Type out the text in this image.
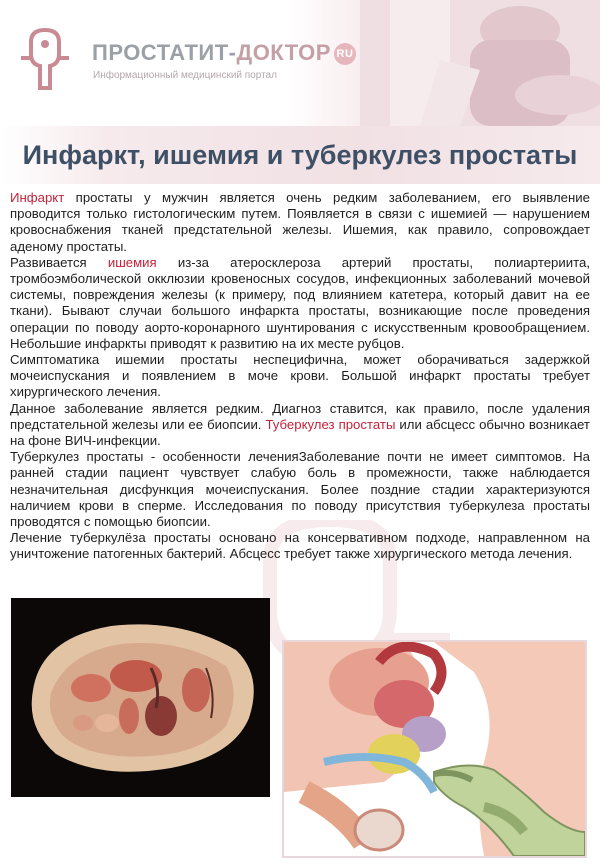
ПРОСТАТИТ-ДОКТОР RU
Информационный медицинский портал
Инфаркт, ишемия и туберкулез простаты

Инфаркт простаты у мужчин является очень редким заболеванием, его выявление проводится только гистологическим путем. Появляется в связи с ишемией — нарушением кровоснабжения тканей предстательной железы. Ишемия, как правило, сопровождает аденому простаты.

Развивается ишемия из-за атеросклероза артерий простаты, полиартериита, тромбоэмболической окклюзии кровеносных сосудов, инфекционных заболеваний мочевой системы, повреждения железы (к примеру, под влиянием катетера, который давит на ее ткани). Бывают случаи большого инфаркта простаты, возникающие после проведения операции по поводу аорто-коронарного шунтирования с искусственным кровообращением. Небольшие инфаркты приводят к развитию на их месте рубцов.

Симптоматика ишемии простаты неспецифична, может оборачиваться задержкой мочеиспускания и появлением в моче крови. Большой инфаркт простаты требует хирургического лечения.

Данное заболевание является редким. Диагноз ставится, как правило, после удаления предстательной железы или ее биопсии. Туберкулез простаты или абсцесс обычно возникает на фоне ВИЧ-инфекции.

Туберкулез простаты - особенности леченияЗаболевание почти не имеет симптомов. На ранней стадии пациент чувствует слабую боль в промежности, также наблюдается незначительная дисфункция мочеиспускания. Более поздние стадии характеризуются наличием крови в сперме. Исследования по поводу присутствия туберкулеза простаты проводятся с помощью биопсии.

Лечение туберкулёза простаты основано на консервативном подходе, направленном на уничтожение патогенных бактерий. Абсцесс требует также хирургического метода лечения.
